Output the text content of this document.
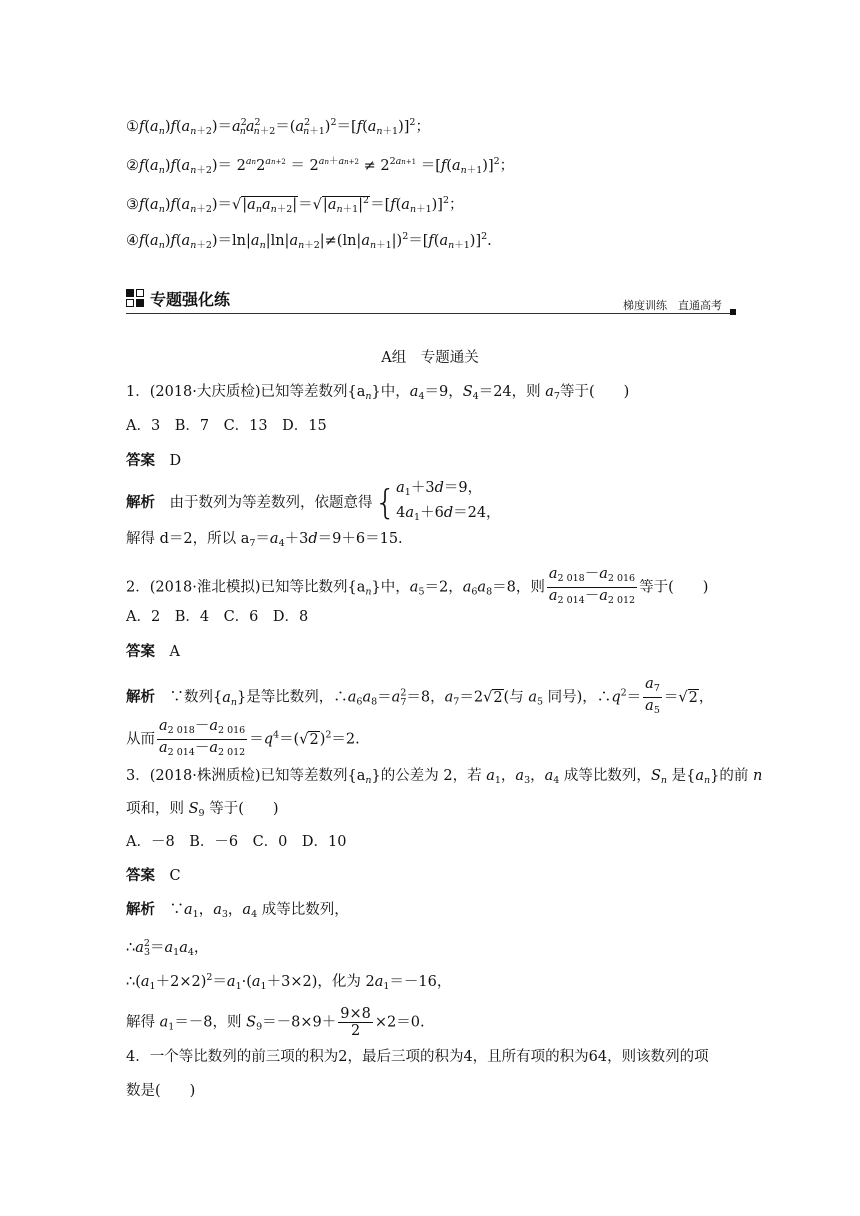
$①f(a_n)f(a_{n+2})=a^2_na^2_{n+2}=(a^2_{n+1})^2=[f(a_{n+1})]^2$；
$②f(a_n)f(a_{n+2})= 2^{an}2^{an+2} = 2^{an+an+2} \ne 2^{2an+1} =[f(a_{n+1})]^2$；
$③f(a_n)f(a_{n+2})=√|a_na_{n+2}|=√|a_{n+1}|^2=[f(a_{n+1})]^2$；
$④f(a_n)f(a_{n+2})=\ln|a_n|\ln|a_{n+2}|\ne(\ln|a_{n+1}|)^2=[f(a_{n+1})]^2$.
专题强化练	梯度训练　直通高考
A组　专题通关
1．(2018·大庆质检)已知等差数列$\{a_n\}$中，$a_4=9$，$S_4=24$，则 $a_7$等于(　　)
A．3　B．7　C．13　D．15
答案　 D
解析　 由于数列为等差数列，依题意得{$a_1+3d=9$，
$4a_1+6d=24$，
解得 d＝2，所以 $a_7=a_4+3d=9+6=15$.
2．(2018·淮北模拟)已知等比数列$\{a_n\}$中，$a_5=2$，$a_6a_8=8$，则 $\frac{a_{2 018}-a_{2 016}}{a_{2 014}-a_{2 012}}$ 等于(　　)
A．2　B．4　C．6　D．8
答案　 A
解析　∵数列$\{a_n\}$是等比数列，$\therefore a_6a_8=a^2_7=8$，$a_7=2√2$(与 $a_5$ 同号)，$\therefore q^2= \frac{a_7}{a_5} =√2$，
从而 $\frac{a_{2 018}-a_{2 016}}{a_{2 014}-a_{2 012}} =q^4=(√2)^2=2$.
3．(2018·株洲质检)已知等差数列$\{a_n\}$的公差为 2，若 $a_1$，$a_3$，$a_4$ 成等比数列，$S_n$ 是$\{a_n\}$的前 n
项和，则 $S_9$ 等于(　　)
A．－8　B．－6　C．0　D．10
答案　 C
解析　$\because a_1$，$a_3$，$a_4$ 成等比数列，
$\therefore a^2_3=a_1a_4$，
$\therefore(a_1+2\times 2)^2=a_1\cdot(a_1+3\times 2)$，化为 $2a_1=-16$，
解得 $a_1=-8$，则 $S_9=-8\times 9+ \frac{9\times 8}{2} \times 2=0$.
4．一个等比数列的前三项的积为2，最后三项的积为4，且所有项的积为64，则该数列的项
数是(　　)
